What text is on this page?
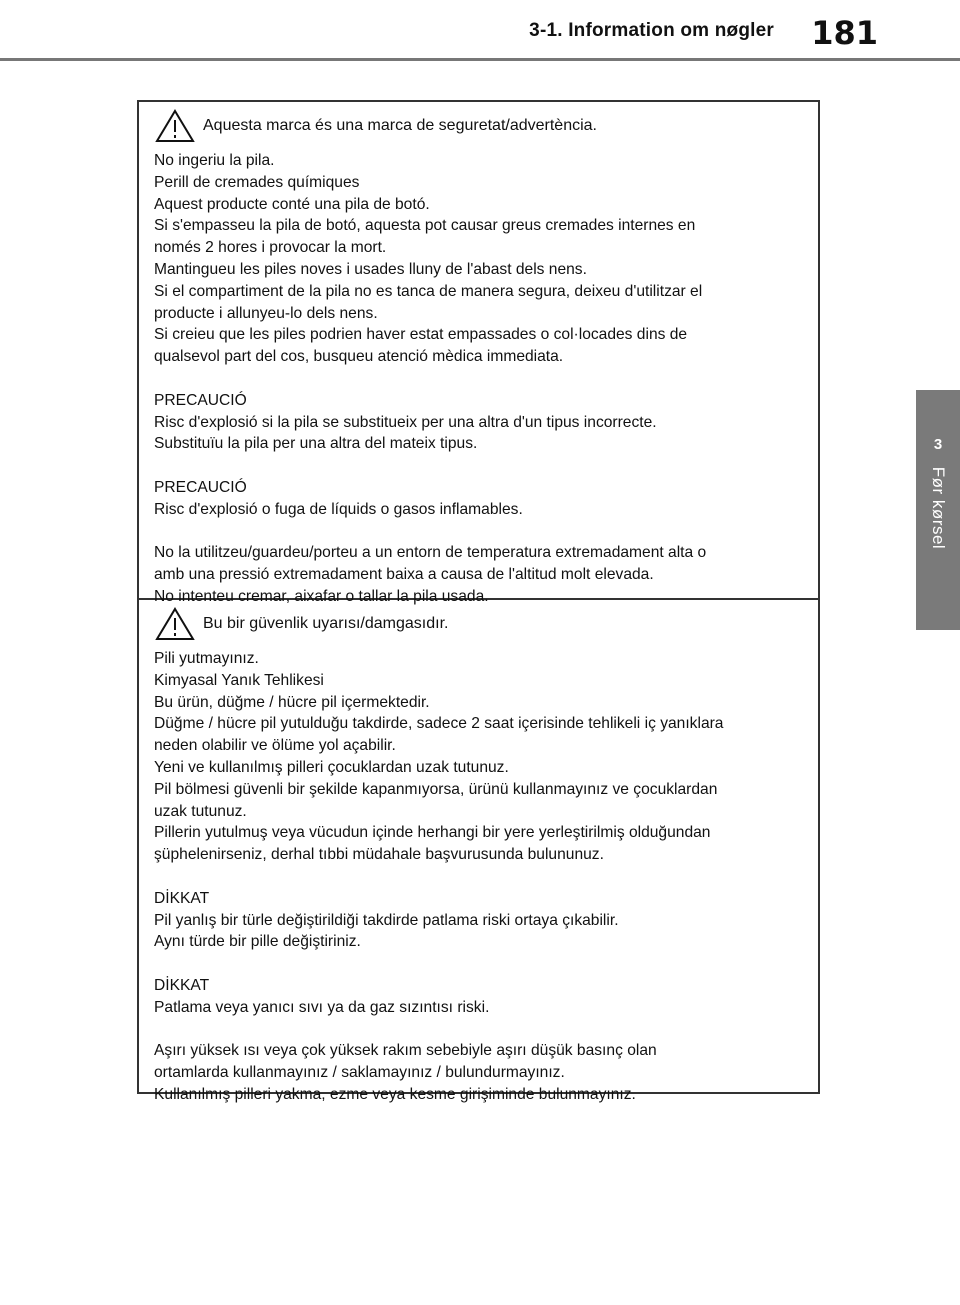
3-1. Information om nøgler 181
3
Før kørsel
Aquesta marca és una marca de seguretat/advertència.

No ingeriu la pila.
Perill de cremades químiques
Aquest producte conté una pila de botó.
Si s'empasseu la pila de botó, aquesta pot causar greus cremades internes en
només 2 hores i provocar la mort.
Mantingueu les piles noves i usades lluny de l'abast dels nens.
Si el compartiment de la pila no es tanca de manera segura, deixeu d'utilitzar el
producte i allunyeu-lo dels nens.
Si creieu que les piles podrien haver estat empassades o col·locades dins de
qualsevol part del cos, busqueu atenció mèdica immediata.

PRECAUCIÓ
Risc d'explosió si la pila se substitueix per una altra d'un tipus incorrecte.
Substituïu la pila per una altra del mateix tipus.

PRECAUCIÓ
Risc d'explosió o fuga de líquids o gasos inflamables.

No la utilitzeu/guardeu/porteu a un entorn de temperatura extremadament alta o
amb una pressió extremadament baixa a causa de l'altitud molt elevada.
No intenteu cremar, aixafar o tallar la pila usada.

Bu bir güvenlik uyarısı/damgasıdır.

Pili yutmayınız.
Kimyasal Yanık Tehlikesi
Bu ürün, düğme / hücre pil içermektedir.
Düğme / hücre pil yutulduğu takdirde, sadece 2 saat içerisinde tehlikeli iç yanıklara
neden olabilir ve ölüme yol açabilir.
Yeni ve kullanılmış pilleri çocuklardan uzak tutunuz.
Pil bölmesi güvenli bir şekilde kapanmıyorsa, ürünü kullanmayınız ve çocuklardan
uzak tutunuz.
Pillerin yutulmuş veya vücudun içinde herhangi bir yere yerleştirilmiş olduğundan
şüphelenirseniz, derhal tıbbi müdahale başvurusunda bulununuz.

DİKKAT
Pil yanlış bir türle değiştirildiği takdirde patlama riski ortaya çıkabilir.
Aynı türde bir pille değiştiriniz.

DİKKAT
Patlama veya yanıcı sıvı ya da gaz sızıntısı riski.

Aşırı yüksek ısı veya çok yüksek rakım sebebiyle aşırı düşük basınç olan
ortamlarda kullanmayınız / saklamayınız / bulundurmayınız.
Kullanılmış pilleri yakma, ezme veya kesme girişiminde bulunmayınız.
